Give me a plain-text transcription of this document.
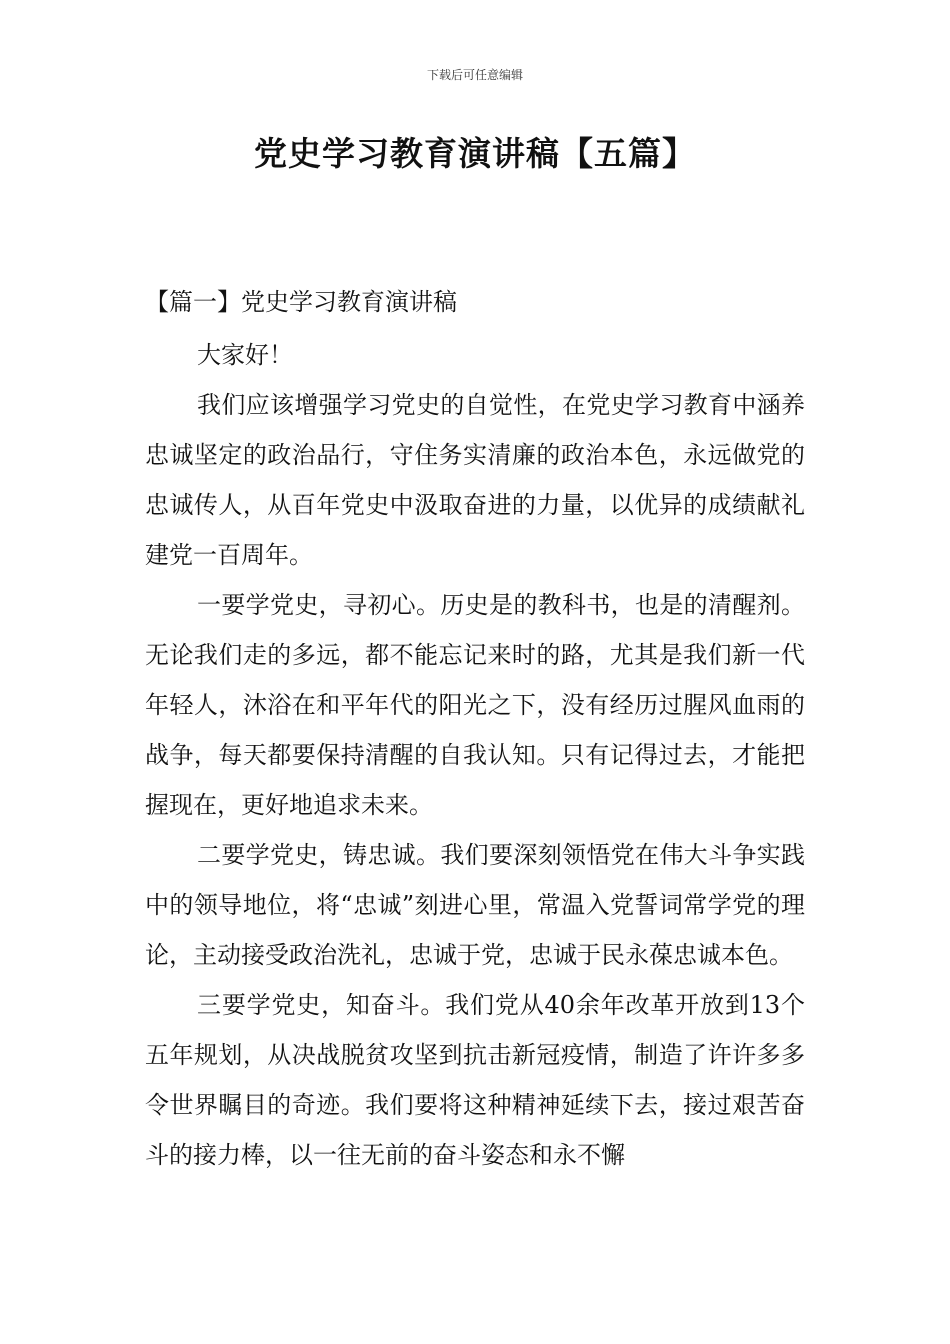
下载后可任意编辑
党史学习教育演讲稿【五篇】
【篇一】党史学习教育演讲稿

大家好！

我们应该增强学习党史的自觉性，在党史学习教育中涵养忠诚坚定的政治品行，守住务实清廉的政治本色，永远做党的忠诚传人，从百年党史中汲取奋进的力量，以优异的成绩献礼建党一百周年。

一要学党史，寻初心。历史是的教科书，也是的清醒剂。无论我们走的多远，都不能忘记来时的路，尤其是我们新一代年轻人，沐浴在和平年代的阳光之下，没有经历过腥风血雨的战争，每天都要保持清醒的自我认知。只有记得过去，才能把握现在，更好地追求未来。

二要学党史，铸忠诚。我们要深刻领悟党在伟大斗争实践中的领导地位，将“忠诚”刻进心里，常温入党誓词常学党的理论，主动接受政治洗礼，忠诚于党，忠诚于民永葆忠诚本色。

三要学党史，知奋斗。我们党从40余年改革开放到13个五年规划，从决战脱贫攻坚到抗击新冠疫情，制造了许许多多令世界瞩目的奇迹。我们要将这种精神延续下去，接过艰苦奋斗的接力棒，以一往无前的奋斗姿态和永不懈
